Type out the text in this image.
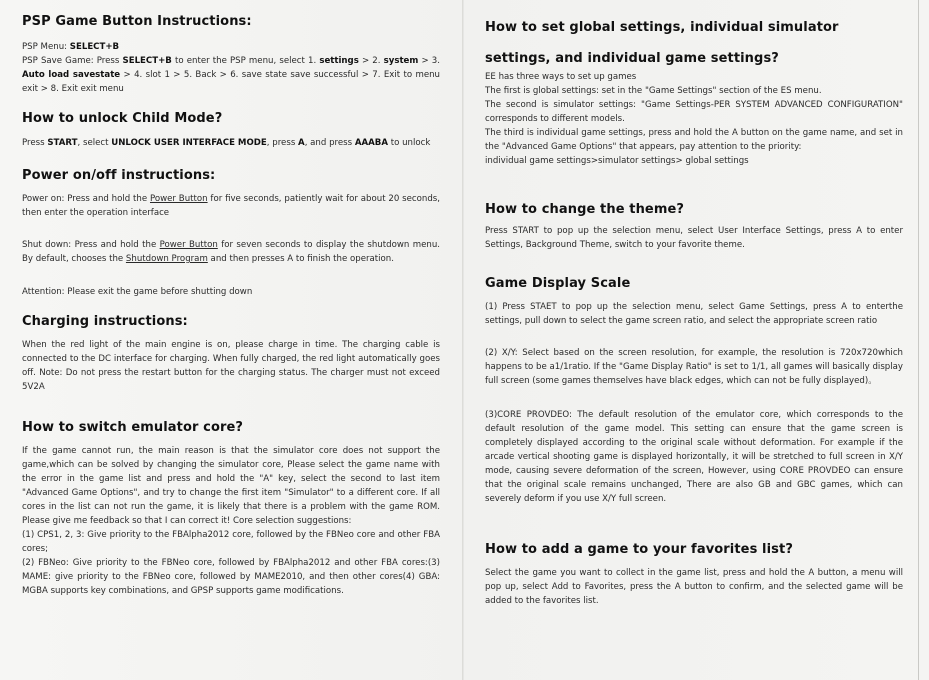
PSP Game Button Instructions:

PSP Menu: SELECT+B

PSP Save Game: Press SELECT+B to enter the PSP menu, select 1. settings > 2. system > 3. Auto load savestate > 4. slot 1 > 5. Back > 6. save state save successful > 7. Exit to menu exit > 8. Exit exit menu

How to unlock Child Mode?

Press START, select UNLOCK USER INTERFACE MODE, press A, and press AAABA to unlock

Power on/off instructions:

Power on: Press and hold the Power Button for five seconds, patiently wait for about 20 seconds, then enter the operation interface

Shut down: Press and hold the Power Button for seven seconds to display the shutdown menu. By default, chooses the Shutdown Program and then presses A to finish the operation.

Attention: Please exit the game before shutting down

Charging instructions:

When the red light of the main engine is on, please charge in time. The charging cable is connected to the DC interface for charging. When fully charged, the red light automatically goes off. Note: Do not press the restart button for the charging status. The charger must not exceed 5V2A

How to switch emulator core?

If the game cannot run, the main reason is that the simulator core does not support the game,which can be solved by changing the simulator core, Please select the game name with the error in the game list and press and hold the "A" key, select the second to last item "Advanced Game Options", and try to change the first item "Simulator" to a different core. If all cores in the list can not run the game, it is likely that there is a problem with the game ROM. Please give me feedback so that I can correct it! Core selection suggestions:

(1) CPS1, 2, 3: Give priority to the FBAlpha2012 core, followed by the FBNeo core and other FBA cores;

(2) FBNeo: Give priority to the FBNeo core, followed by FBAlpha2012 and other FBA cores:(3) MAME: give priority to the FBNeo core, followed by MAME2010, and then other cores(4) GBA: MGBA supports key combinations, and GPSP supports game modifications.

How to set global settings, individual simulator settings, and individual game settings?

EE has three ways to set up games

The first is global settings: set in the "Game Settings" section of the ES menu.

The second is simulator settings: "Game Settings-PER SYSTEM ADVANCED CONFIGURATION" corresponds to different models.

The third is individual game settings, press and hold the A button on the game name, and set in the "Advanced Game Options" that appears, pay attention to the priority:

individual game settings>simulator settings> global settings

How to change the theme?

Press START to pop up the selection menu, select User Interface Settings, press A to enter Settings, Background Theme, switch to your favorite theme.

Game Display Scale

(1) Press STAET to pop up the selection menu, select Game Settings, press A to enterthe settings, pull down to select the game screen ratio, and select the appropriate screen ratio

(2) X/Y: Select based on the screen resolution, for example, the resolution is 720x720which happens to be a1/1ratio. If the "Game Display Ratio" is set to 1/1, all games will basically display full screen (some games themselves have black edges, which can not be fully displayed)。

(3)CORE PROVDEO: The default resolution of the emulator core, which corresponds to the default resolution of the game model. This setting can ensure that the game screen is completely displayed according to the original scale without deformation. For example if the arcade vertical shooting game is displayed horizontally, it will be stretched to full screen in X/Y mode, causing severe deformation of the screen, However, using CORE PROVDEO can ensure that the original scale remains unchanged, There are also GB and GBC games, which can severely deform if you use X/Y full screen.

How to add a game to your favorites list?

Select the game you want to collect in the game list, press and hold the A button, a menu will pop up, select Add to Favorites, press the A button to confirm, and the selected game will be added to the favorites list.
